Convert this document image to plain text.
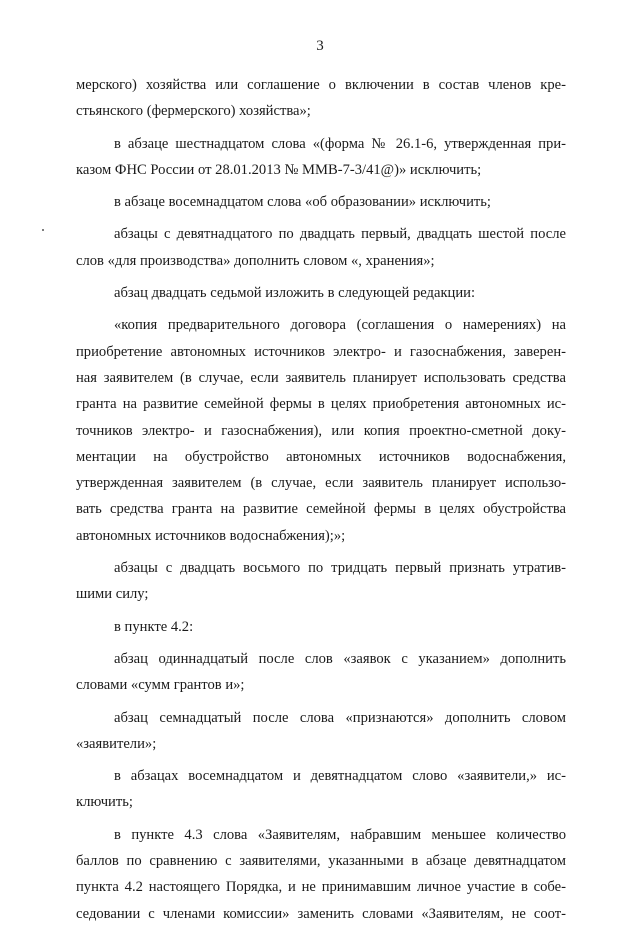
3
мерского) хозяйства или соглашение о включении в состав членов кре-
стьянского (фермерского) хозяйства»;
в абзаце шестнадцатом слова «(форма № 26.1-6, утвержденная при-
казом ФНС России от 28.01.2013 № ММВ-7-3/41@)» исключить;
в абзаце восемнадцатом слова «об образовании» исключить;
абзацы с девятнадцатого по двадцать первый, двадцать шестой после
слов «для производства» дополнить словом «, хранения»;
абзац двадцать седьмой изложить в следующей редакции:
«копия предварительного договора (соглашения о намерениях) на
приобретение автономных источников электро- и газоснабжения, заверен-
ная заявителем (в случае, если заявитель планирует использовать средства
гранта на развитие семейной фермы в целях приобретения автономных ис-
точников электро- и газоснабжения), или копия проектно-сметной доку-
ментации на обустройство автономных источников водоснабжения,
утвержденная заявителем (в случае, если заявитель планирует использо-
вать средства гранта на развитие семейной фермы в целях обустройства
автономных источников водоснабжения);»;
абзацы с двадцать восьмого по тридцать первый признать утратив-
шими силу;
в пункте 4.2:
абзац одиннадцатый после слов «заявок с указанием» дополнить
словами «сумм грантов и»;
абзац семнадцатый после слова «признаются» дополнить словом
«заявители»;
в абзацах восемнадцатом и девятнадцатом слово «заявители,» ис-
ключить;
в пункте 4.3 слова «Заявителям, набравшим меньшее количество
баллов по сравнению с заявителями, указанными в абзаце девятнадцатом
пункта 4.2 настоящего Порядка, и не принимавшим личное участие в собе-
седовании с членами комиссии» заменить словами «Заявителям, не соот-
